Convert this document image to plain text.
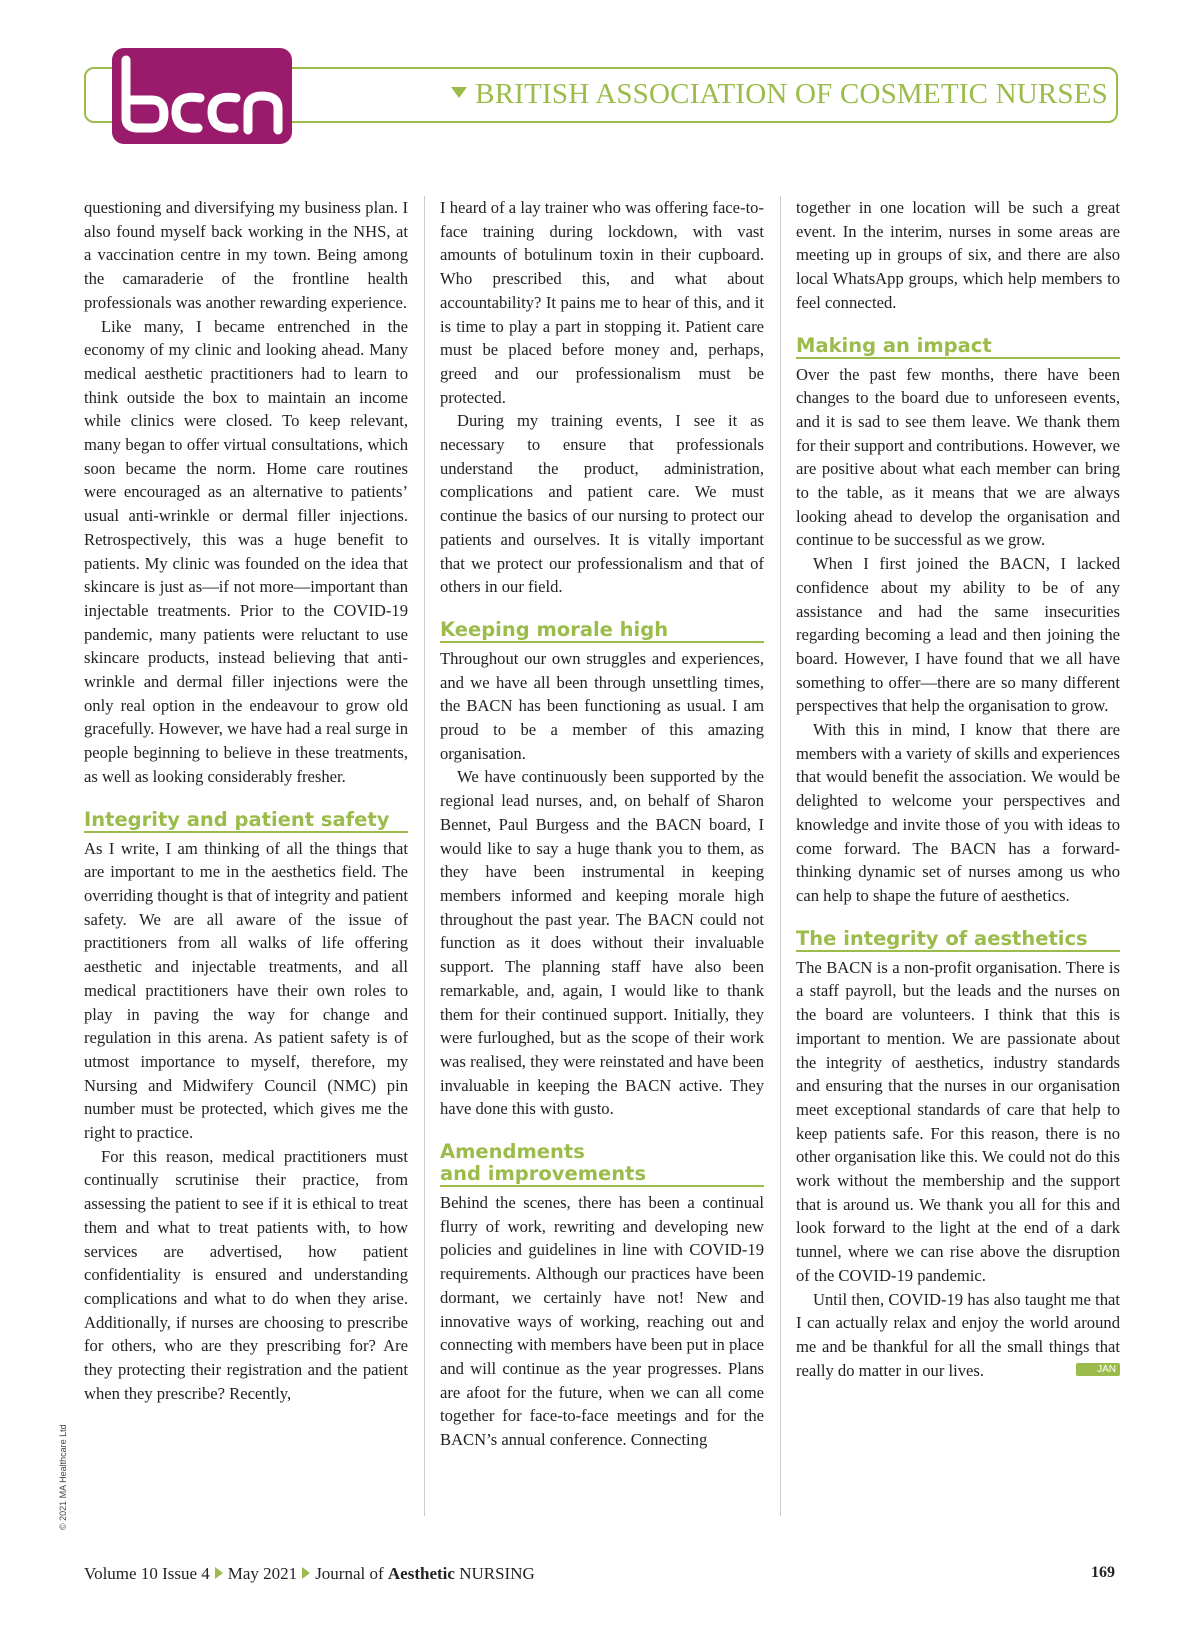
BRITISH ASSOCIATION OF COSMETIC NURSES

questioning and diversifying my business plan. I also found myself back working in the NHS, at a vaccination centre in my town. Being among the camaraderie of the frontline health professionals was another rewarding experience.

Like many, I became entrenched in the economy of my clinic and looking ahead. Many medical aesthetic practitioners had to learn to think outside the box to maintain an income while clinics were closed. To keep relevant, many began to offer virtual consultations, which soon became the norm. Home care routines were encouraged as an alternative to patients’ usual anti-wrinkle or dermal filler injections. Retrospectively, this was a huge benefit to patients. My clinic was founded on the idea that skincare is just as—if not more—important than injectable treatments. Prior to the COVID-19 pandemic, many patients were reluctant to use skincare products, instead believing that anti-wrinkle and dermal filler injections were the only real option in the endeavour to grow old gracefully. However, we have had a real surge in people beginning to believe in these treatments, as well as looking considerably fresher.

Integrity and patient safety

As I write, I am thinking of all the things that are important to me in the aesthetics field. The overriding thought is that of integrity and patient safety. We are all aware of the issue of practitioners from all walks of life offering aesthetic and injectable treatments, and all medical practitioners have their own roles to play in paving the way for change and regulation in this arena. As patient safety is of utmost importance to myself, therefore, my Nursing and Midwifery Council (NMC) pin number must be protected, which gives me the right to practice.

For this reason, medical practitioners must continually scrutinise their practice, from assessing the patient to see if it is ethical to treat them and what to treat patients with, to how services are advertised, how patient confidentiality is ensured and understanding complications and what to do when they arise. Additionally, if nurses are choosing to prescribe for others, who are they prescribing for? Are they protecting their registration and the patient when they prescribe? Recently,

I heard of a lay trainer who was offering face-to-face training during lockdown, with vast amounts of botulinum toxin in their cupboard. Who prescribed this, and what about accountability? It pains me to hear of this, and it is time to play a part in stopping it. Patient care must be placed before money and, perhaps, greed and our professionalism must be protected.

During my training events, I see it as necessary to ensure that professionals understand the product, administration, complications and patient care. We must continue the basics of our nursing to protect our patients and ourselves. It is vitally important that we protect our professionalism and that of others in our field.

Keeping morale high

Throughout our own struggles and experiences, and we have all been through unsettling times, the BACN has been functioning as usual. I am proud to be a member of this amazing organisation.

We have continuously been supported by the regional lead nurses, and, on behalf of Sharon Bennet, Paul Burgess and the BACN board, I would like to say a huge thank you to them, as they have been instrumental in keeping members informed and keeping morale high throughout the past year. The BACN could not function as it does without their invaluable support. The planning staff have also been remarkable, and, again, I would like to thank them for their continued support. Initially, they were furloughed, but as the scope of their work was realised, they were reinstated and have been invaluable in keeping the BACN active. They have done this with gusto.

Amendments
and improvements

Behind the scenes, there has been a continual flurry of work, rewriting and developing new policies and guidelines in line with COVID-19 requirements. Although our practices have been dormant, we certainly have not! New and innovative ways of working, reaching out and connecting with members have been put in place and will continue as the year progresses. Plans are afoot for the future, when we can all come together for face-to-face meetings and for the BACN’s annual conference. Connecting

together in one location will be such a great event. In the interim, nurses in some areas are meeting up in groups of six, and there are also local WhatsApp groups, which help members to feel connected.

Making an impact

Over the past few months, there have been changes to the board due to unforeseen events, and it is sad to see them leave. We thank them for their support and contributions. However, we are positive about what each member can bring to the table, as it means that we are always looking ahead to develop the organisation and continue to be successful as we grow.

When I first joined the BACN, I lacked confidence about my ability to be of any assistance and had the same insecurities regarding becoming a lead and then joining the board. However, I have found that we all have something to offer—there are so many different perspectives that help the organisation to grow.

With this in mind, I know that there are members with a variety of skills and experiences that would benefit the association. We would be delighted to welcome your perspectives and knowledge and invite those of you with ideas to come forward. The BACN has a forward-thinking dynamic set of nurses among us who can help to shape the future of aesthetics.

The integrity of aesthetics

The BACN is a non-profit organisation. There is a staff payroll, but the leads and the nurses on the board are volunteers. I think that this is important to mention. We are passionate about the integrity of aesthetics, industry standards and ensuring that the nurses in our organisation meet exceptional standards of care that help to keep patients safe. For this reason, there is no other organisation like this. We could not do this work without the membership and the support that is around us. We thank you all for this and look forward to the light at the end of a dark tunnel, where we can rise above the disruption of the COVID-19 pandemic.

Until then, COVID-19 has also taught me that I can actually relax and enjoy the world around me and be thankful for all the small things that really do matter in our lives.	JAN

© 2021 MA Healthcare Ltd
Volume 10 Issue 4 May 2021 Journal of Aesthetic NURSING	169
